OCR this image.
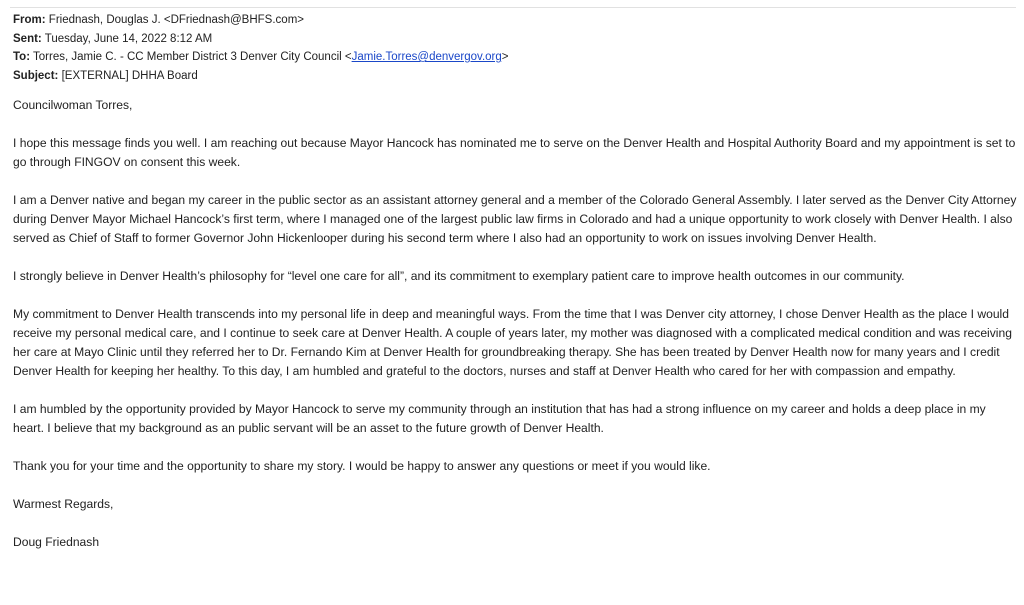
From: Friednash, Douglas J. <DFriednash@BHFS.com>
Sent: Tuesday, June 14, 2022 8:12 AM
To: Torres, Jamie C. - CC Member District 3 Denver City Council <Jamie.Torres@denvergov.org>
Subject: [EXTERNAL] DHHA Board

Councilwoman Torres,

I hope this message finds you well. I am reaching out because Mayor Hancock has nominated me to serve on the Denver Health and Hospital Authority Board and my appointment is set to go through FINGOV on consent this week.

I am a Denver native and began my career in the public sector as an assistant attorney general and a member of the Colorado General Assembly. I later served as the Denver City Attorney during Denver Mayor Michael Hancock’s first term, where I managed one of the largest public law firms in Colorado and had a unique opportunity to work closely with Denver Health. I also served as Chief of Staff to former Governor John Hickenlooper during his second term where I also had an opportunity to work on issues involving Denver Health.

I strongly believe in Denver Health’s philosophy for “level one care for all”, and its commitment to exemplary patient care to improve health outcomes in our community.

My commitment to Denver Health transcends into my personal life in deep and meaningful ways. From the time that I was Denver city attorney, I chose Denver Health as the place I would receive my personal medical care, and I continue to seek care at Denver Health. A couple of years later, my mother was diagnosed with a complicated medical condition and was receiving her care at Mayo Clinic until they referred her to Dr. Fernando Kim at Denver Health for groundbreaking therapy. She has been treated by Denver Health now for many years and I credit Denver Health for keeping her healthy. To this day, I am humbled and grateful to the doctors, nurses and staff at Denver Health who cared for her with compassion and empathy.

I am humbled by the opportunity provided by Mayor Hancock to serve my community through an institution that has had a strong influence on my career and holds a deep place in my heart. I believe that my background as an public servant will be an asset to the future growth of Denver Health.

Thank you for your time and the opportunity to share my story. I would be happy to answer any questions or meet if you would like.

Warmest Regards,

Doug Friednash
